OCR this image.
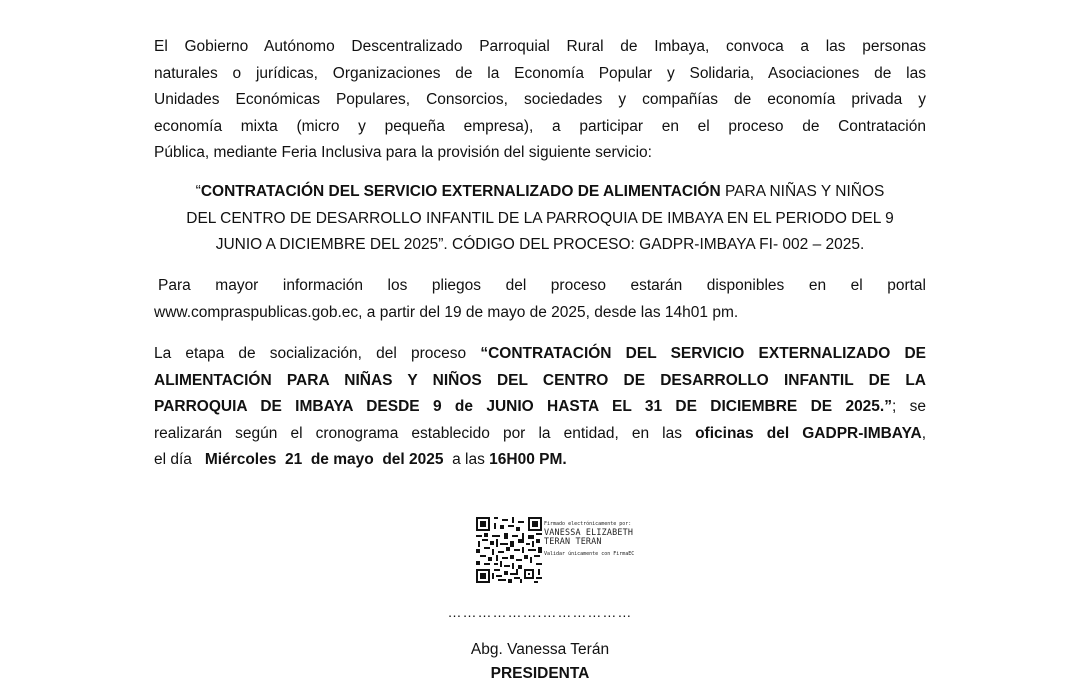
El Gobierno Autónomo Descentralizado Parroquial Rural de Imbaya, convoca a las personas
naturales o jurídicas, Organizaciones de la Economía Popular y Solidaria, Asociaciones de las
Unidades Económicas Populares, Consorcios, sociedades y compañías de economía privada y
economía mixta (micro y pequeña empresa), a participar en el proceso de Contratación
Pública, mediante Feria Inclusiva para la provisión del siguiente servicio:

“CONTRATACIÓN DEL SERVICIO EXTERNALIZADO DE ALIMENTACIÓN PARA NIÑAS Y NIÑOS
DEL CENTRO DE DESARROLLO INFANTIL DE LA PARROQUIA DE IMBAYA EN EL PERIODO DEL 9
JUNIO A DICIEMBRE DEL 2025”. CÓDIGO DEL PROCESO: GADPR-IMBAYA FI- 002 – 2025.

Para mayor información los pliegos del proceso estarán disponibles en el portal
www.compraspublicas.gob.ec, a partir del 19 de mayo de 2025, desde las 14h01 pm.

La etapa de socialización, del proceso “CONTRATACIÓN DEL SERVICIO EXTERNALIZADO DE
ALIMENTACIÓN PARA NIÑAS Y NIÑOS DEL CENTRO DE DESARROLLO INFANTIL DE LA
PARROQUIA DE IMBAYA DESDE 9 de JUNIO HASTA EL 31 DE DICIEMBRE DE 2025.”; se
realizarán según el cronograma establecido por la entidad, en las oficinas del GADPR-IMBAYA,
el día   Miércoles  21  de mayo  del 2025  a las 16H00 PM.

Firmado electrónicamente por:
VANESSA ELIZABETH
TERAN TERAN
Validar únicamente con FirmaEC
……………….………………
Abg. Vanessa Terán
PRESIDENTA
